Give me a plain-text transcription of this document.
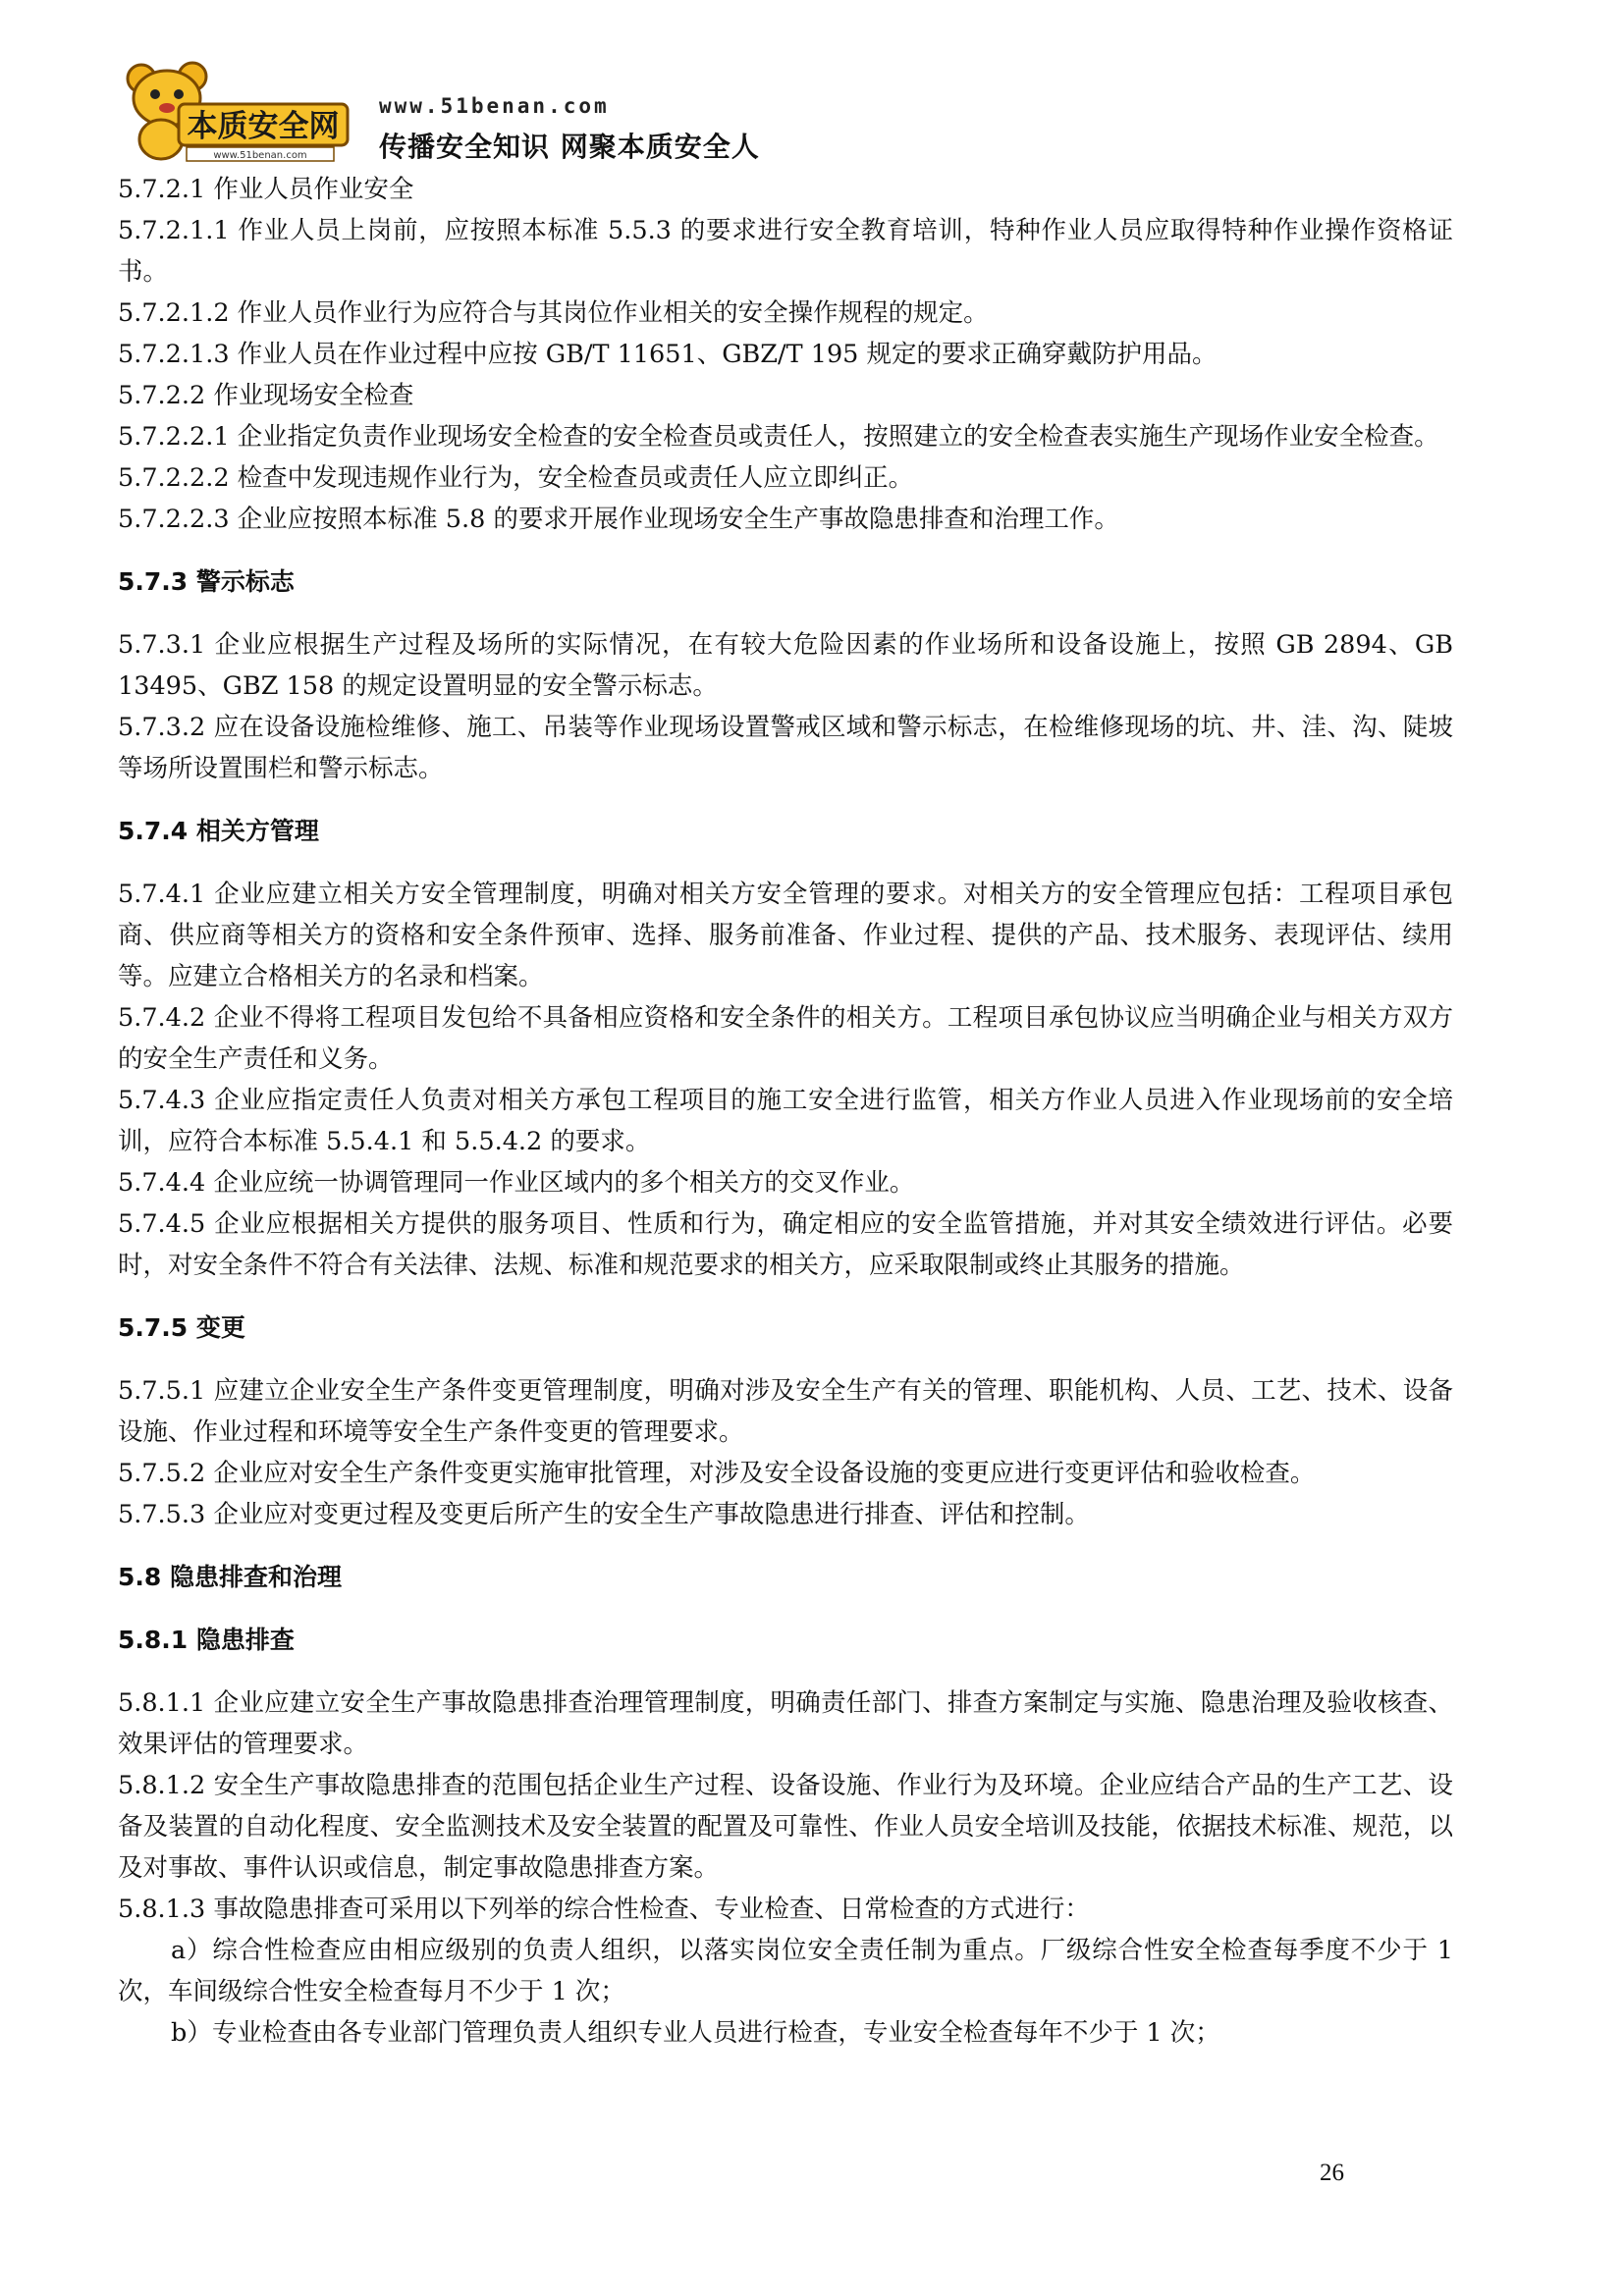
本质安全网
www.51benan.com
www.51benan.com
传播安全知识 网聚本质安全人
5.7.2.1 作业人员作业安全
5.7.2.1.1 作业人员上岗前，应按照本标准 5.5.3 的要求进行安全教育培训，特种作业人员应取得特种作业操作资格证书。
5.7.2.1.2 作业人员作业行为应符合与其岗位作业相关的安全操作规程的规定。
5.7.2.1.3 作业人员在作业过程中应按 GB/T 11651、GBZ/T 195 规定的要求正确穿戴防护用品。
5.7.2.2 作业现场安全检查
5.7.2.2.1 企业指定负责作业现场安全检查的安全检查员或责任人，按照建立的安全检查表实施生产现场作业安全检查。
5.7.2.2.2 检查中发现违规作业行为，安全检查员或责任人应立即纠正。
5.7.2.2.3 企业应按照本标准 5.8 的要求开展作业现场安全生产事故隐患排查和治理工作。
5.7.3 警示标志
5.7.3.1 企业应根据生产过程及场所的实际情况，在有较大危险因素的作业场所和设备设施上，按照 GB 2894、GB 13495、GBZ 158 的规定设置明显的安全警示标志。
5.7.3.2 应在设备设施检维修、施工、吊装等作业现场设置警戒区域和警示标志，在检维修现场的坑、井、洼、沟、陡坡等场所设置围栏和警示标志。
5.7.4 相关方管理
5.7.4.1 企业应建立相关方安全管理制度，明确对相关方安全管理的要求。对相关方的安全管理应包括：工程项目承包商、供应商等相关方的资格和安全条件预审、选择、服务前准备、作业过程、提供的产品、技术服务、表现评估、续用等。应建立合格相关方的名录和档案。
5.7.4.2 企业不得将工程项目发包给不具备相应资格和安全条件的相关方。工程项目承包协议应当明确企业与相关方双方的安全生产责任和义务。
5.7.4.3 企业应指定责任人负责对相关方承包工程项目的施工安全进行监管，相关方作业人员进入作业现场前的安全培训，应符合本标准 5.5.4.1 和 5.5.4.2 的要求。
5.7.4.4 企业应统一协调管理同一作业区域内的多个相关方的交叉作业。
5.7.4.5 企业应根据相关方提供的服务项目、性质和行为，确定相应的安全监管措施，并对其安全绩效进行评估。必要时，对安全条件不符合有关法律、法规、标准和规范要求的相关方，应采取限制或终止其服务的措施。
5.7.5 变更
5.7.5.1 应建立企业安全生产条件变更管理制度，明确对涉及安全生产有关的管理、职能机构、人员、工艺、技术、设备设施、作业过程和环境等安全生产条件变更的管理要求。
5.7.5.2 企业应对安全生产条件变更实施审批管理，对涉及安全设备设施的变更应进行变更评估和验收检查。
5.7.5.3 企业应对变更过程及变更后所产生的安全生产事故隐患进行排查、评估和控制。
5.8 隐患排查和治理
5.8.1 隐患排查
5.8.1.1 企业应建立安全生产事故隐患排查治理管理制度，明确责任部门、排查方案制定与实施、隐患治理及验收核查、效果评估的管理要求。
5.8.1.2 安全生产事故隐患排查的范围包括企业生产过程、设备设施、作业行为及环境。企业应结合产品的生产工艺、设备及装置的自动化程度、安全监测技术及安全装置的配置及可靠性、作业人员安全培训及技能，依据技术标准、规范，以及对事故、事件认识或信息，制定事故隐患排查方案。
5.8.1.3 事故隐患排查可采用以下列举的综合性检查、专业检查、日常检查的方式进行：
a）综合性检查应由相应级别的负责人组织，以落实岗位安全责任制为重点。厂级综合性安全检查每季度不少于 1 次，车间级综合性安全检查每月不少于 1 次；
b）专业检查由各专业部门管理负责人组织专业人员进行检查，专业安全检查每年不少于 1 次；
26
